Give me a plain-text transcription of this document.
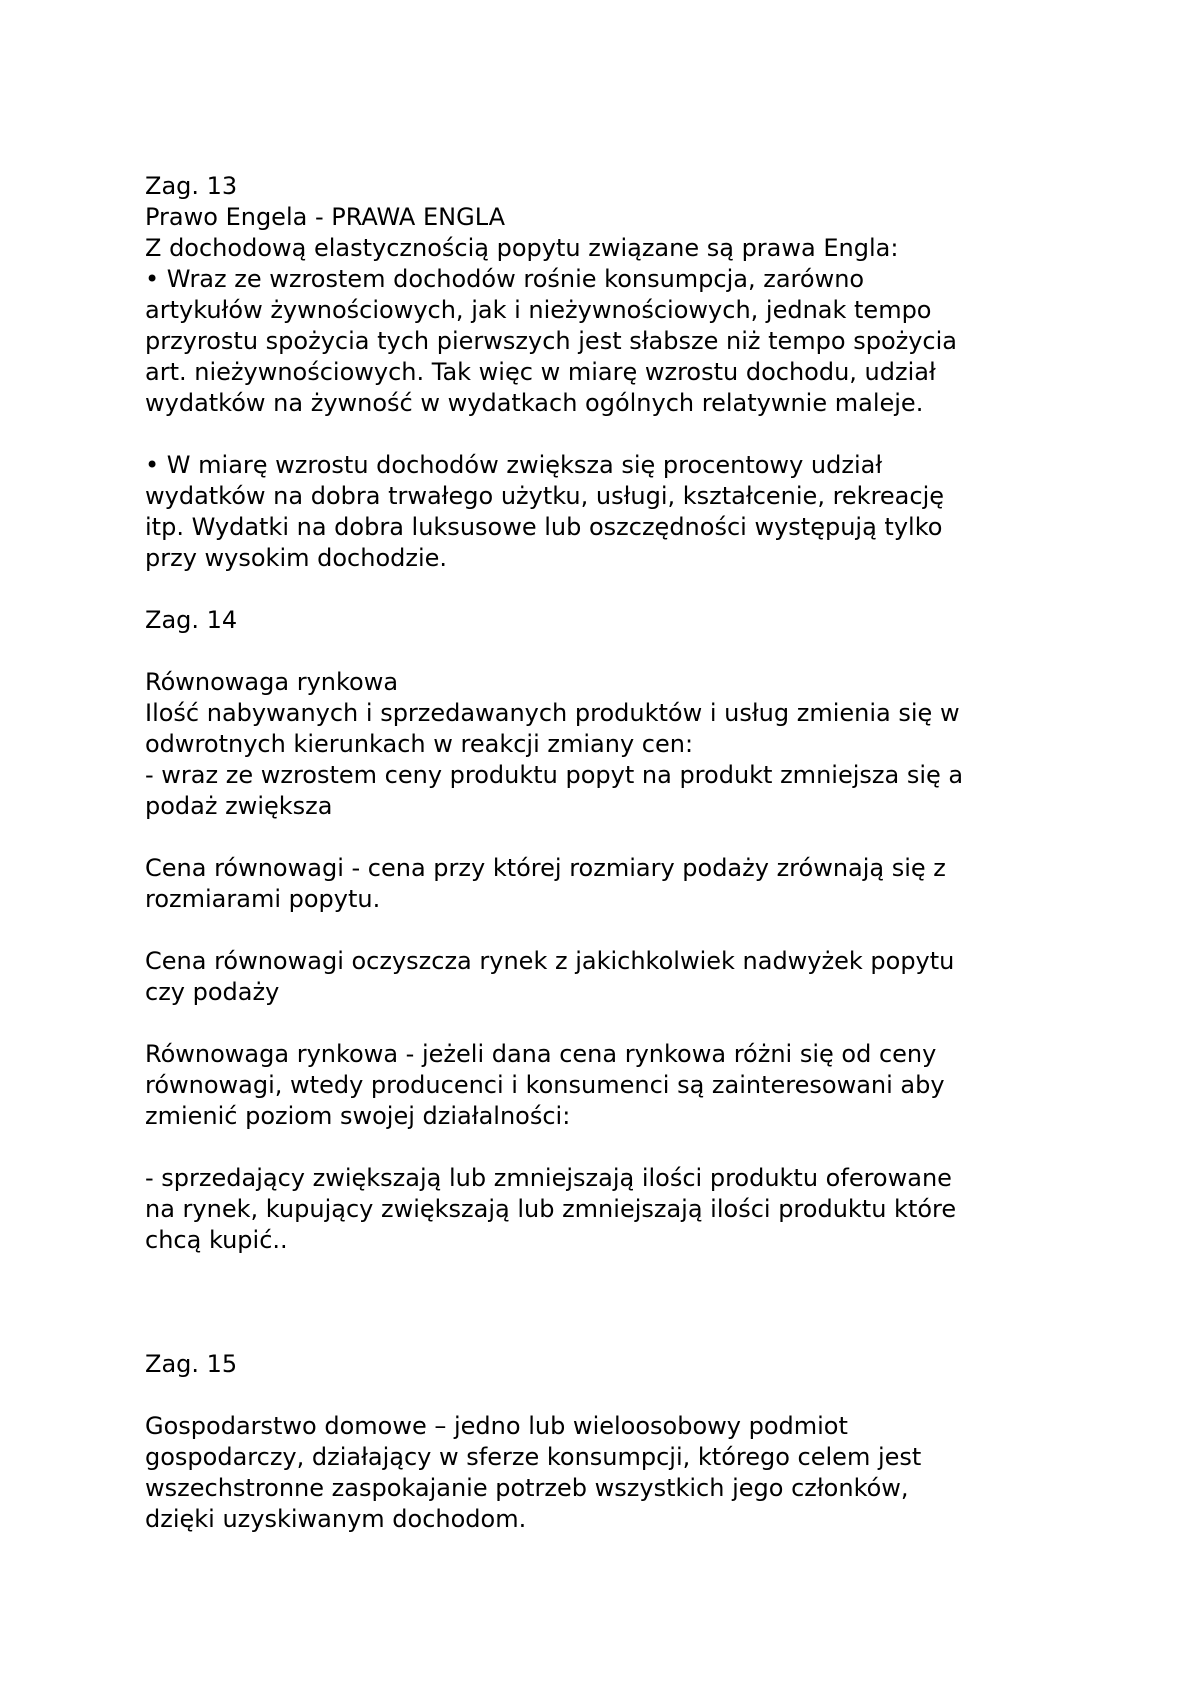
Zag. 13
Prawo Engela - PRAWA ENGLA
Z dochodową elastycznością popytu związane są prawa Engla:
• Wraz ze wzrostem dochodów rośnie konsumpcja, zarówno
artykułów żywnościowych, jak i nieżywnościowych, jednak tempo
przyrostu spożycia tych pierwszych jest słabsze niż tempo spożycia
art. nieżywnościowych. Tak więc w miarę wzrostu dochodu, udział
wydatków na żywność w wydatkach ogólnych relatywnie maleje.
• W miarę wzrostu dochodów zwiększa się procentowy udział
wydatków na dobra trwałego użytku, usługi, kształcenie, rekreację
itp. Wydatki na dobra luksusowe lub oszczędności występują tylko
przy wysokim dochodzie.
Zag. 14
Równowaga rynkowa
Ilość nabywanych i sprzedawanych produktów i usług zmienia się w
odwrotnych kierunkach w reakcji zmiany cen:
- wraz ze wzrostem ceny produktu popyt na produkt zmniejsza się a
podaż zwiększa
Cena równowagi - cena przy której rozmiary podaży zrównają się z
rozmiarami popytu.
Cena równowagi oczyszcza rynek z jakichkolwiek nadwyżek popytu
czy podaży
Równowaga rynkowa - jeżeli dana cena rynkowa różni się od ceny
równowagi, wtedy producenci i konsumenci są zainteresowani aby
zmienić poziom swojej działalności:
- sprzedający zwiększają lub zmniejszają ilości produktu oferowane
na rynek, kupujący zwiększają lub zmniejszają ilości produktu które
chcą kupić..
Zag. 15
Gospodarstwo domowe – jedno lub wieloosobowy podmiot
gospodarczy, działający w sferze konsumpcji, którego celem jest
wszechstronne zaspokajanie potrzeb wszystkich jego członków,
dzięki uzyskiwanym dochodom.
